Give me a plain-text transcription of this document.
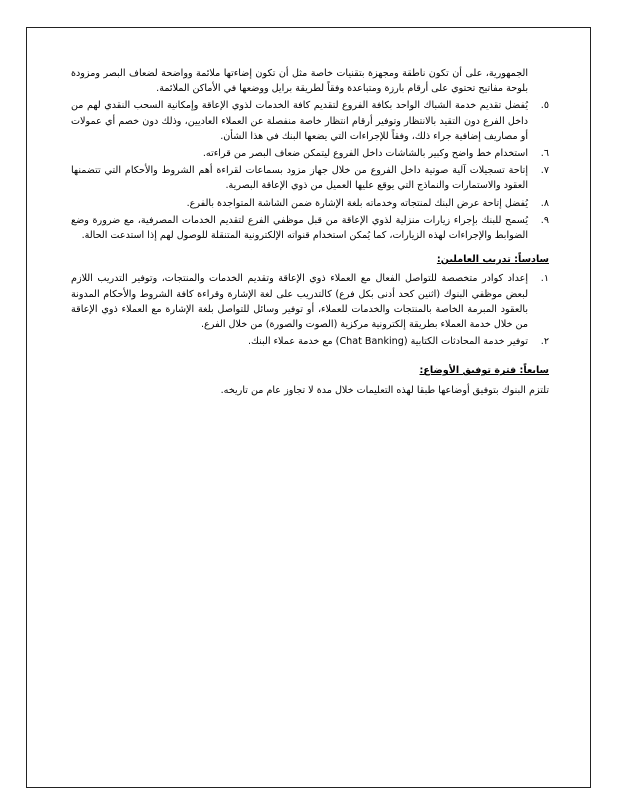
الجمهورية، على أن تكون ناطقة ومجهزة بتقنيات خاصة مثل أن تكون إضاءتها ملائمة وواضحة لضعاف البصر ومزودة بلوحة مفاتيح تحتوي على أرقام بارزة ومتباعدة وفقاً لطريقة برايل ووضعها في الأماكن الملائمة.

.٥
يُفضل تقديم خدمة الشباك الواحد بكافة الفروع لتقديم كافة الخدمات لذوي الإعاقة وإمكانية السحب النقدي لهم من داخل الفرع دون التقيد بالانتظار وتوفير أرقام انتظار خاصة منفصلة عن العملاء العاديين، وذلك دون خصم أي عمولات أو مصاريف إضافية جراء ذلك، وفقاً للإجراءات التي يضعها البنك في هذا الشأن.
.٦
استخدام خط واضح وكبير بالشاشات داخل الفروع ليتمكن ضعاف البصر من قراءته.
.٧
إتاحة تسجيلات آلية صوتية داخل الفروع من خلال جهاز مزود بسماعات لقراءة أهم الشروط والأحكام التي تتضمنها العقود والاستمارات والنماذج التي يوقع عليها العميل من ذوي الإعاقة البصرية.
.٨
يُفضل إتاحة عرض البنك لمنتجاته وخدماته بلغة الإشارة ضمن الشاشة المتواجدة بالفرع.
.٩
يُسمح للبنك بإجراء زيارات منزلية لذوي الإعاقة من قبل موظفي الفرع لتقديم الخدمات المصرفية، مع ضرورة وضع الضوابط والإجراءات لهذه الزيارات، كما يُمكن استخدام قنواته الإلكترونية المتنقلة للوصول لهم إذا استدعت الحالة.
سادساً: تدريب العاملين:
.١
إعداد كوادر متخصصة للتواصل الفعال مع العملاء ذوي الإعاقة وتقديم الخدمات والمنتجات، وتوفير التدريب اللازم لبعض موظفي البنوك (اثنين كحد أدنى بكل فرع) كالتدريب على لغة الإشارة وقراءة كافة الشروط والأحكام المدونة بالعقود المبرمة الخاصة بالمنتجات والخدمات للعملاء، أو توفير وسائل للتواصل بلغة الإشارة مع العملاء ذوي الإعاقة من خلال خدمة العملاء بطريقة إلكترونية مركزية (الصوت والصورة) من خلال الفرع.
.٢
توفير خدمة المحادثات الكتابية (Chat Banking) مع خدمة عملاء البنك.
سابعاً: فترة توفيق الأوضاع:

تلتزم البنوك بتوفيق أوضاعها طبقا لهذه التعليمات خلال مدة لا تجاوز عام من تاريخه.
